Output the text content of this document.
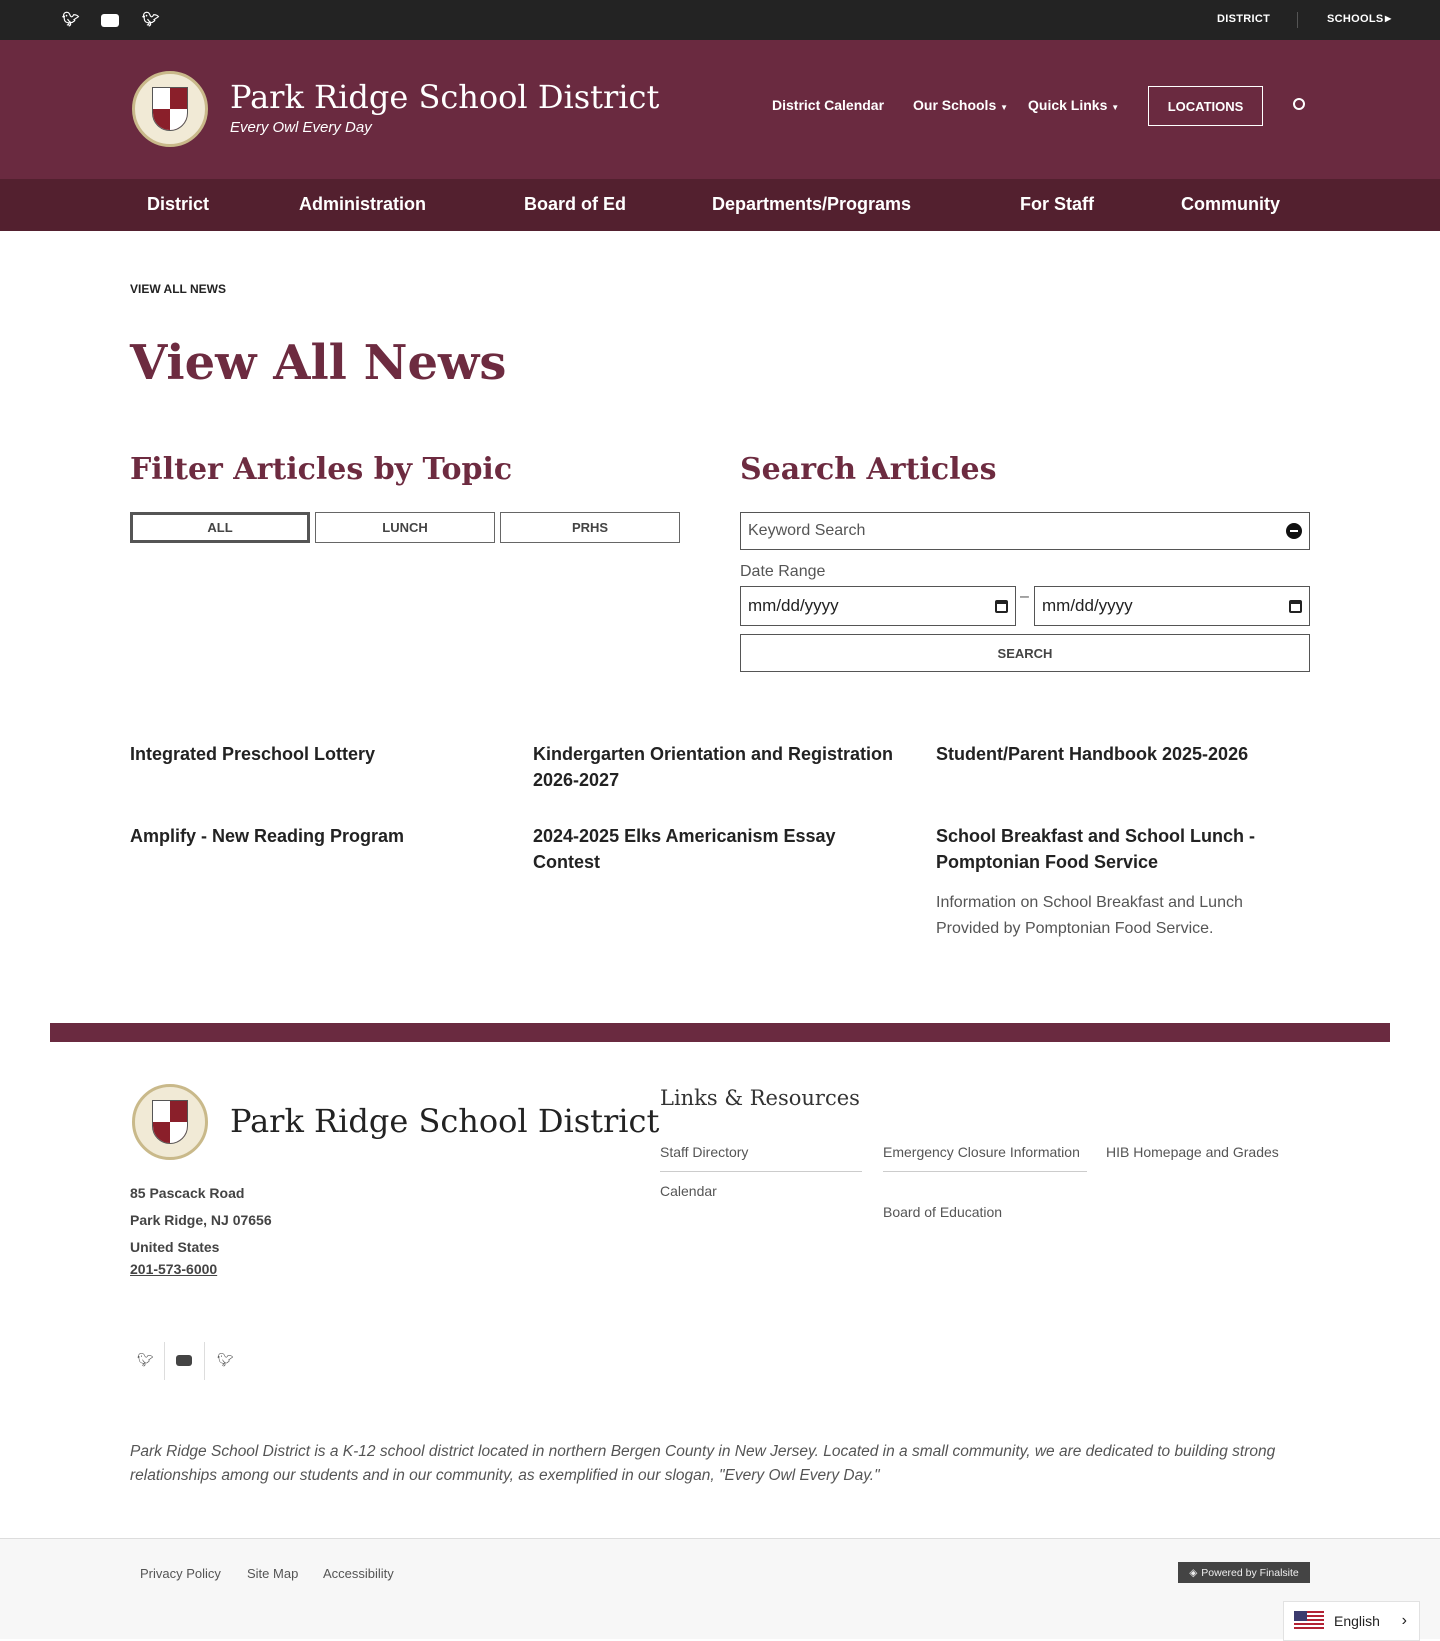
🐦︎	🐦︎	DISTRICT	SCHOOLS ▶
Park Ridge School District
Every Owl Every Day
District Calendar Our Schools ▼ Quick Links ▼	LOCATIONS
District	Administration	Board of Ed	Departments/Programs	For Staff	Community
VIEW ALL NEWS
View All News
Filter Articles by Topic
ALL	LUNCH	PRHS
Search Articles
Keyword Search
Date Range
mm/dd/yyyy	– mm/dd/yyyy
SEARCH
Integrated Preschool Lottery	Kindergarten Orientation and Registration 2026-2027
Student/Parent Handbook 2025-2026
Amplify - New Reading Program	2024-2025 Elks Americanism Essay Contest
School Breakfast and School Lunch - Pomptonian Food Service
Information on School Breakfast and Lunch Provided by Pomptonian Food Service.
Park Ridge School District
85 Pascack Road
Park Ridge, NJ 07656
United States
201-573-6000
Links & Resources
Staff Directory
Calendar
Emergency Closure Information
Board of Education
HIB Homepage and Grades
🐦︎	🐦︎
Park Ridge School District is a K-12 school district located in northern Bergen County in New Jersey. Located in a small community, we are dedicated to building strong relationships among our students and in our community, as exemplified in our slogan, "Every Owl Every Day."
Privacy Policy Site Map Accessibility	◈ Powered by Finalsite
English ›
